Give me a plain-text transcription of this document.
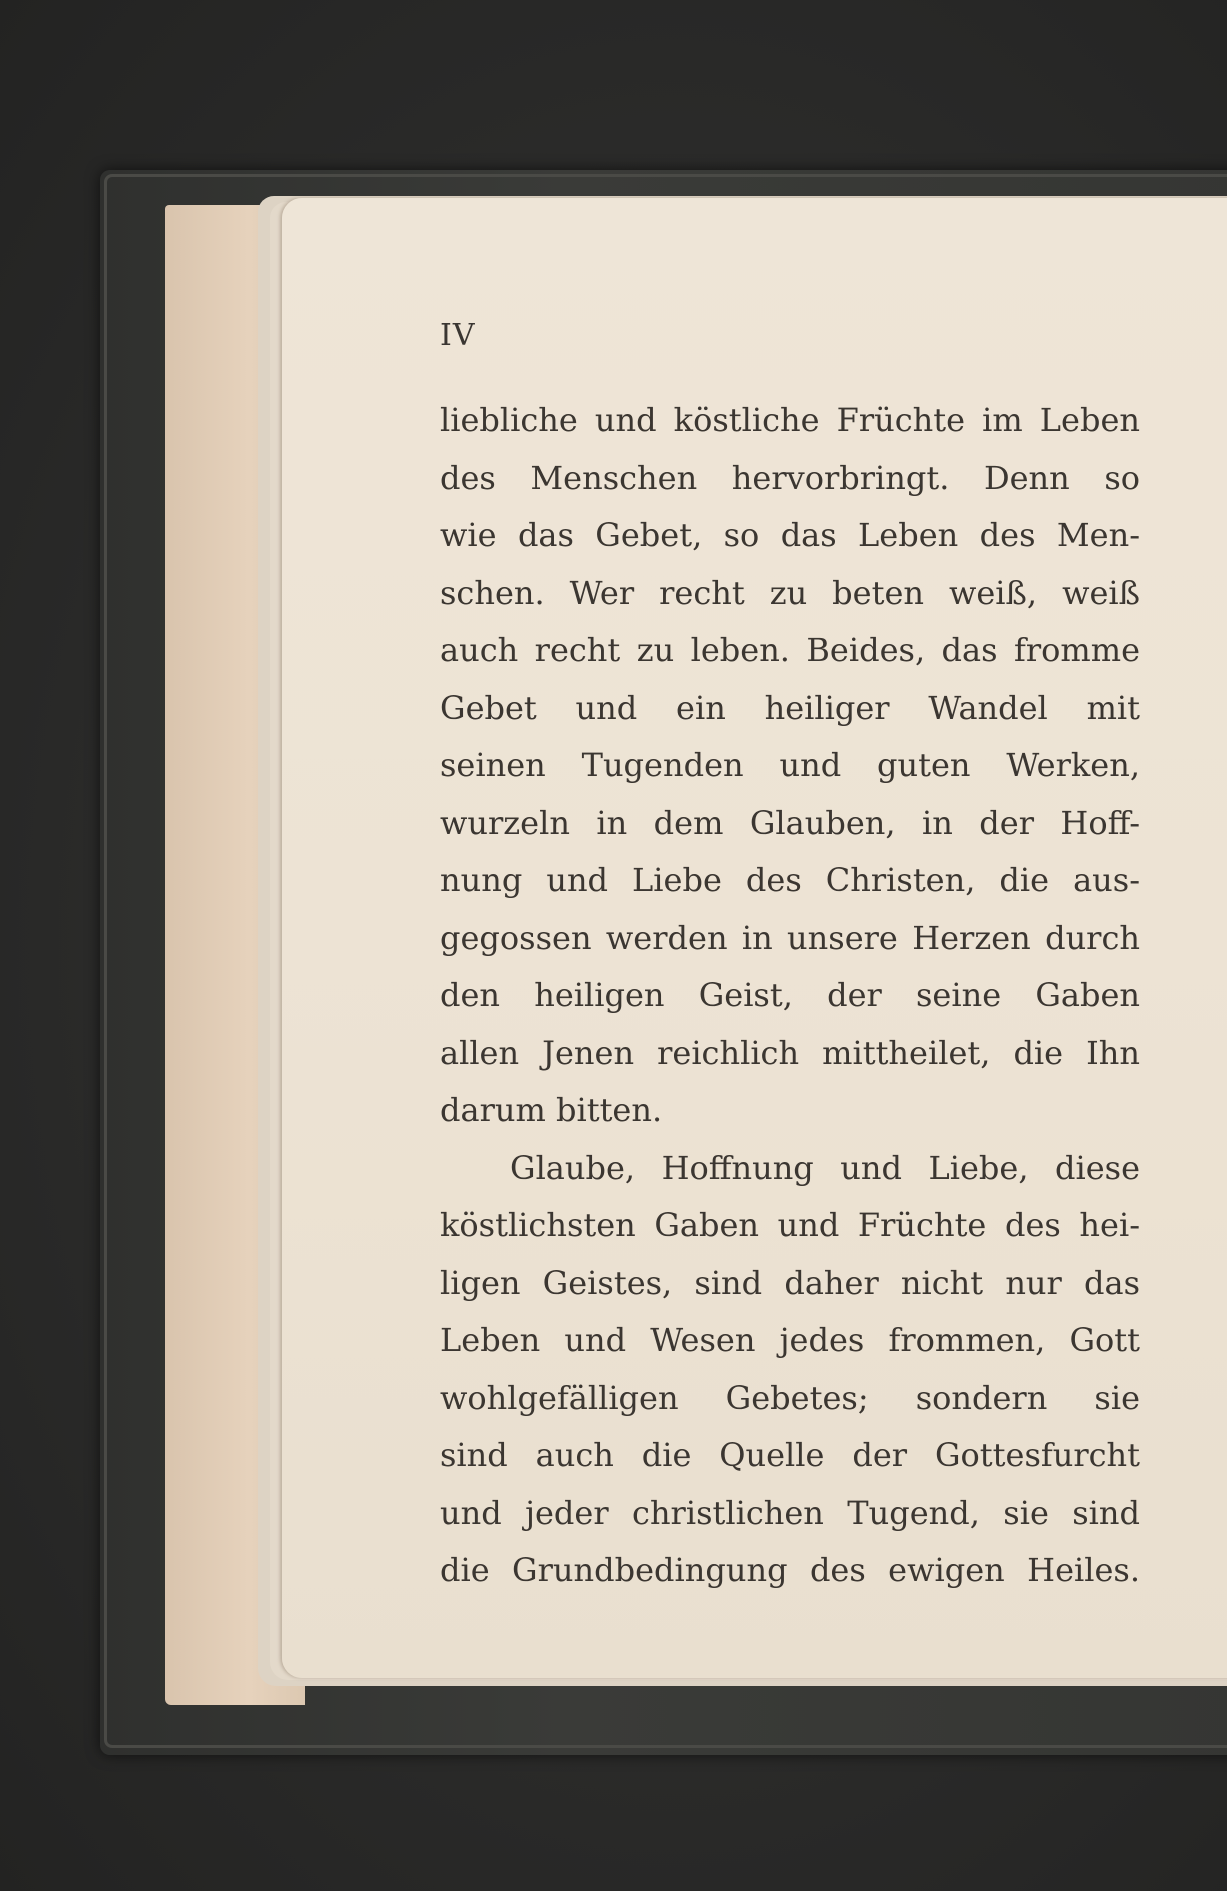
IV

liebliche und köstliche Früchte im Leben
des Menschen hervorbringt. Denn so
wie das Gebet, so das Leben des Men-
schen. Wer recht zu beten weiß, weiß
auch recht zu leben. Beides, das fromme
Gebet und ein heiliger Wandel mit
seinen Tugenden und guten Werken,
wurzeln in dem Glauben, in der Hoff-
nung und Liebe des Christen, die aus-
gegossen werden in unsere Herzen durch
den heiligen Geist, der seine Gaben
allen Jenen reichlich mittheilet, die Ihn
darum bitten.
Glaube, Hoffnung und Liebe, diese
köstlichsten Gaben und Früchte des hei-
ligen Geistes, sind daher nicht nur das
Leben und Wesen jedes frommen, Gott
wohlgefälligen Gebetes; sondern sie
sind auch die Quelle der Gottesfurcht
und jeder christlichen Tugend, sie sind
die Grundbedingung des ewigen Heiles.
